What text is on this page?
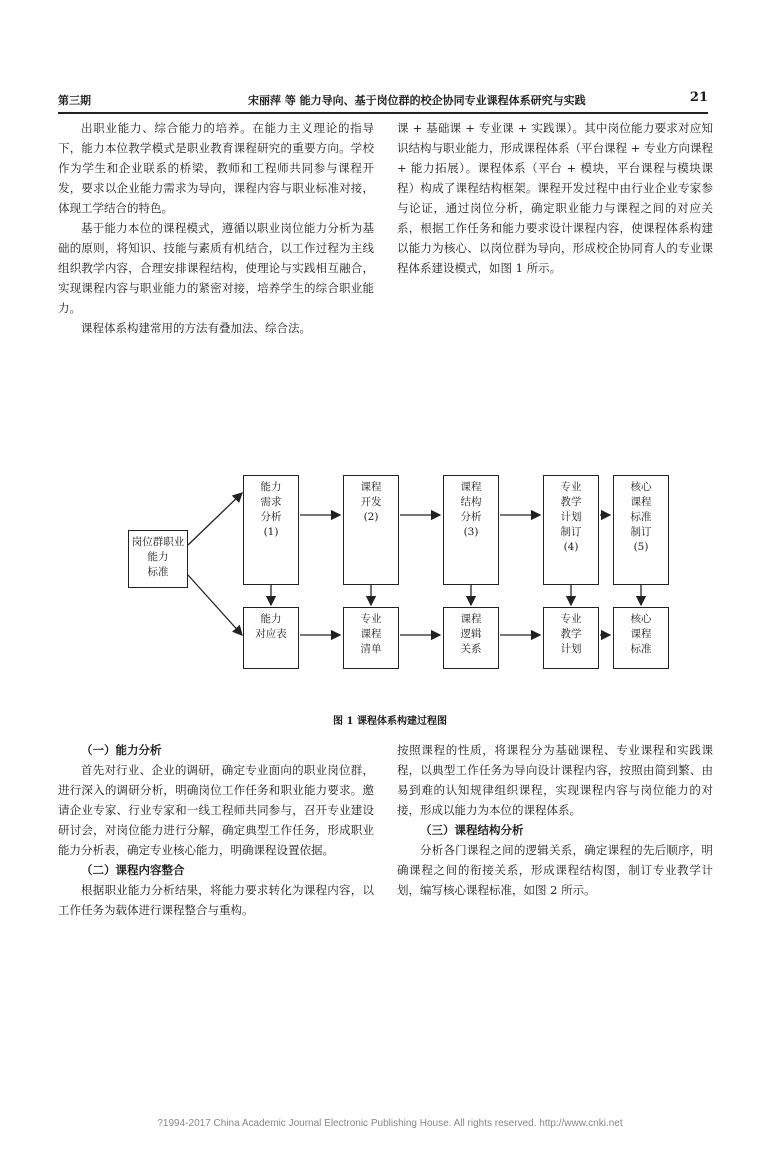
第三期	宋丽萍 等 能力导向、基于岗位群的校企协同专业课程体系研究与实践	21

出职业能力、综合能力的培养。在能力主义理论的指导下，能力本位教学模式是职业教育课程研究的重要方向。学校作为学生和企业联系的桥梁，教师和工程师共同参与课程开发，要求以企业能力需求为导向，课程内容与职业标准对接，体现工学结合的特色。

基于能力本位的课程模式，遵循以职业岗位能力分析为基础的原则，将知识、技能与素质有机结合，以工作过程为主线组织教学内容，合理安排课程结构，使理论与实践相互融合，实现课程内容与职业能力的紧密对接，培养学生的综合职业能力。

课程体系构建常用的方法有叠加法、综合法。

课 + 基础课 + 专业课 + 实践课）。其中岗位能力要求对应知识结构与职业能力，形成课程体系（平台课程 + 专业方向课程 + 能力拓展）。课程体系（平台 + 模块，平台课程与模块课程）构成了课程结构框架。课程开发过程中由行业企业专家参与论证，通过岗位分析，确定职业能力与课程之间的对应关系，根据工作任务和能力要求设计课程内容，使课程体系构建以能力为核心、以岗位群为导向，形成校企协同育人的专业课程体系建设模式，如图 1 所示。

岗位群职业
能力
标准
能力
需求
分析
(1)
课程
开发
(2)
课程
结构
分析
(3)
专业
教学
计划
制订
(4)
核心
课程
标准
制订
(5)
能力
对应表
专业
课程
清单
课程
逻辑
关系
专业
教学
计划
核心
课程
标准
图 1 课程体系构建过程图
（一）能力分析

首先对行业、企业的调研，确定专业面向的职业岗位群，进行深入的调研分析，明确岗位工作任务和职业能力要求。邀请企业专家、行业专家和一线工程师共同参与，召开专业建设研讨会，对岗位能力进行分解，确定典型工作任务，形成职业能力分析表，确定专业核心能力，明确课程设置依据。

（二）课程内容整合

根据职业能力分析结果，将能力要求转化为课程内容，以工作任务为载体进行课程整合与重构。

按照课程的性质，将课程分为基础课程、专业课程和实践课程，以典型工作任务为导向设计课程内容，按照由简到繁、由易到难的认知规律组织课程，实现课程内容与岗位能力的对接，形成以能力为本位的课程体系。

（三）课程结构分析

分析各门课程之间的逻辑关系，确定课程的先后顺序，明确课程之间的衔接关系，形成课程结构图，制订专业教学计划，编写核心课程标准，如图 2 所示。

?1994-2017 China Academic Journal Electronic Publishing House. All rights reserved. http://www.cnki.net
